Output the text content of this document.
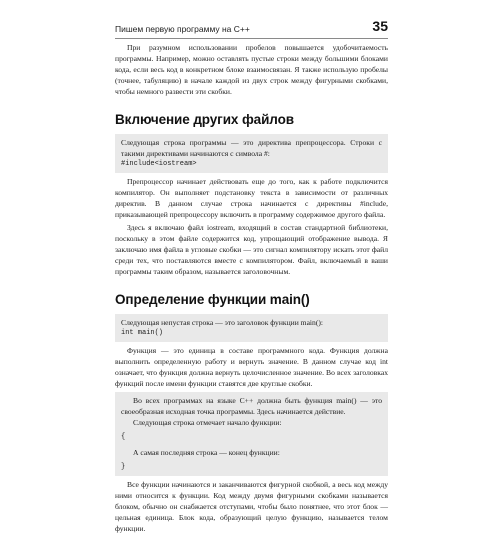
Пишем первую программу на C++	35

При разумном использовании пробелов повышается удобочитаемость программы. Например, можно оставлять пустые строки между большими блоками кода, если весь код в конкретном блоке взаимосвязан. Я также использую пробелы (точнее, табуляцию) в начале каждой из двух строк между фигурными скобками, чтобы немного развести эти скобки.

Включение других файлов

Следующая строка программы — это директива препроцессора. Строки с такими директивами начинаются с символа #:

#include<iostream>

Препроцессор начинает действовать еще до того, как к работе подключится компилятор. Он выполняет подстановку текста в зависимости от различных директив. В данном случае строка начинается с директивы #include, приказывающей препроцессору включить в программу содержимое другого файла.

Здесь я включаю файл iostream, входящий в состав стандартной библиотеки, поскольку в этом файле содержится код, упрощающий отображение вывода. Я заключаю имя файла в угловые скобки — это сигнал компилятору искать этот файл среди тех, что поставляются вместе с компилятором. Файл, включаемый в ваши программы таким образом, называется заголовочным.

Определение функции main()

Следующая непустая строка — это заголовок функции main():

int main()

Функция — это единица в составе программного кода. Функция должна выполнить определенную работу и вернуть значение. В данном случае код int означает, что функция должна вернуть целочисленное значение. Во всех заголовках функций после имени функции ставятся две круглые скобки.

Во всех программах на языке C++ должна быть функция main() — это своеобразная исходная точка программы. Здесь начинается действие.

Следующая строка отмечает начало функции:

{

А самая последняя строка — конец функции:

}

Все функции начинаются и заканчиваются фигурной скобкой, а весь код между ними относится к функции. Код между двумя фигурными скобками называется блоком, обычно он снабжается отступами, чтобы было понятнее, что этот блок — цельная единица. Блок кода, образующий целую функцию, называется телом функции.
